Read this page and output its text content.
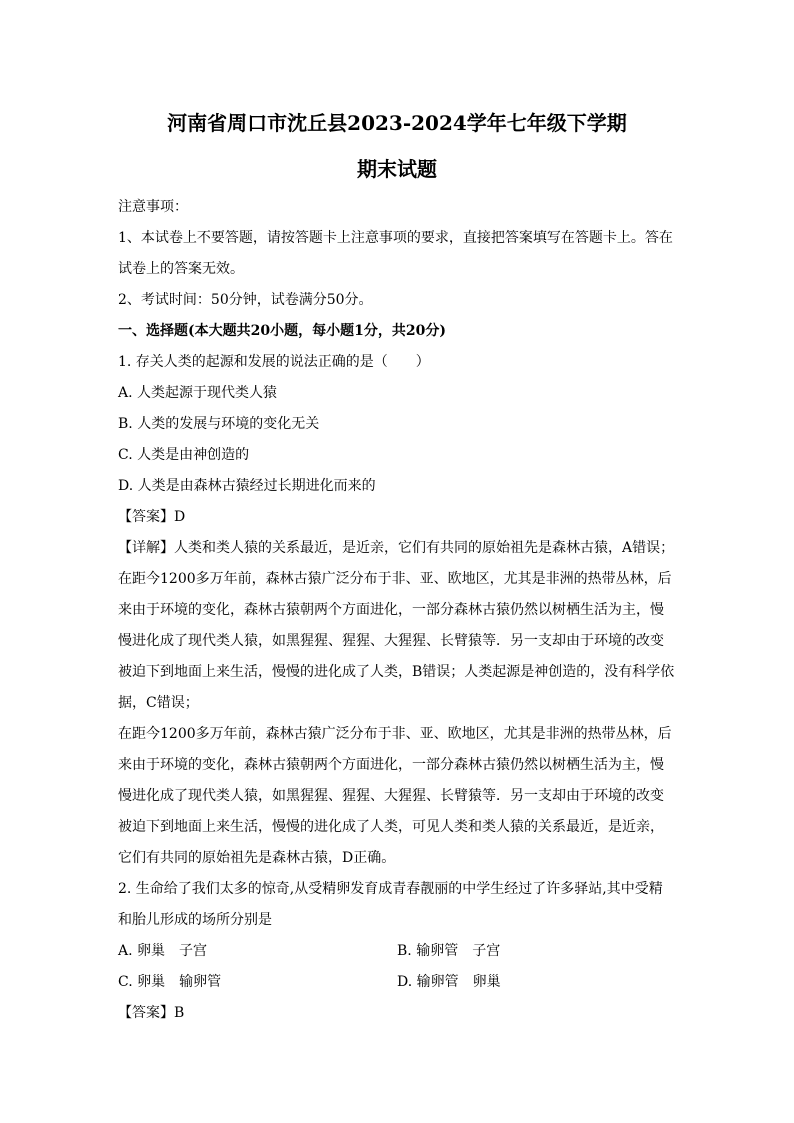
河南省周口市沈丘县2023-2024学年七年级下学期
期末试题

注意事项：

1、本试卷上不要答题，请按答题卡上注意事项的要求，直接把答案填写在答题卡上。答在试卷上的答案无效。

2、考试时间：50分钟，试卷满分50分。

一、选择题(本大题共20小题，每小题1分，共20分)

1. 存关人类的起源和发展的说法正确的是（　　）

A. 人类起源于现代类人猿

B. 人类的发展与环境的变化无关

C. 人类是由神创造的

D. 人类是由森林古猿经过长期进化而来的

【答案】D

【详解】人类和类人猿的关系最近，是近亲，它们有共同的原始祖先是森林古猿，A错误；在距今1200多万年前，森林古猿广泛分布于非、亚、欧地区，尤其是非洲的热带丛林，后来由于环境的变化，森林古猿朝两个方面进化，一部分森林古猿仍然以树栖生活为主，慢慢进化成了现代类人猿，如黑猩猩、猩猩、大猩猩、长臂猿等．另一支却由于环境的改变被迫下到地面上来生活，慢慢的进化成了人类，B错误；人类起源是神创造的，没有科学依据，C错误；

在距今1200多万年前，森林古猿广泛分布于非、亚、欧地区，尤其是非洲的热带丛林，后来由于环境的变化，森林古猿朝两个方面进化，一部分森林古猿仍然以树栖生活为主，慢慢进化成了现代类人猿，如黑猩猩、猩猩、大猩猩、长臂猿等．另一支却由于环境的改变被迫下到地面上来生活，慢慢的进化成了人类，可见人类和类人猿的关系最近，是近亲，它们有共同的原始祖先是森林古猿，D正确。

2. 生命给了我们太多的惊奇,从受精卵发育成青春靓丽的中学生经过了许多驿站,其中受精和胎儿形成的场所分别是

A. 卵巢　子宫	B. 输卵管　子宫
C. 卵巢　输卵管	D. 输卵管　卵巢

【答案】B
